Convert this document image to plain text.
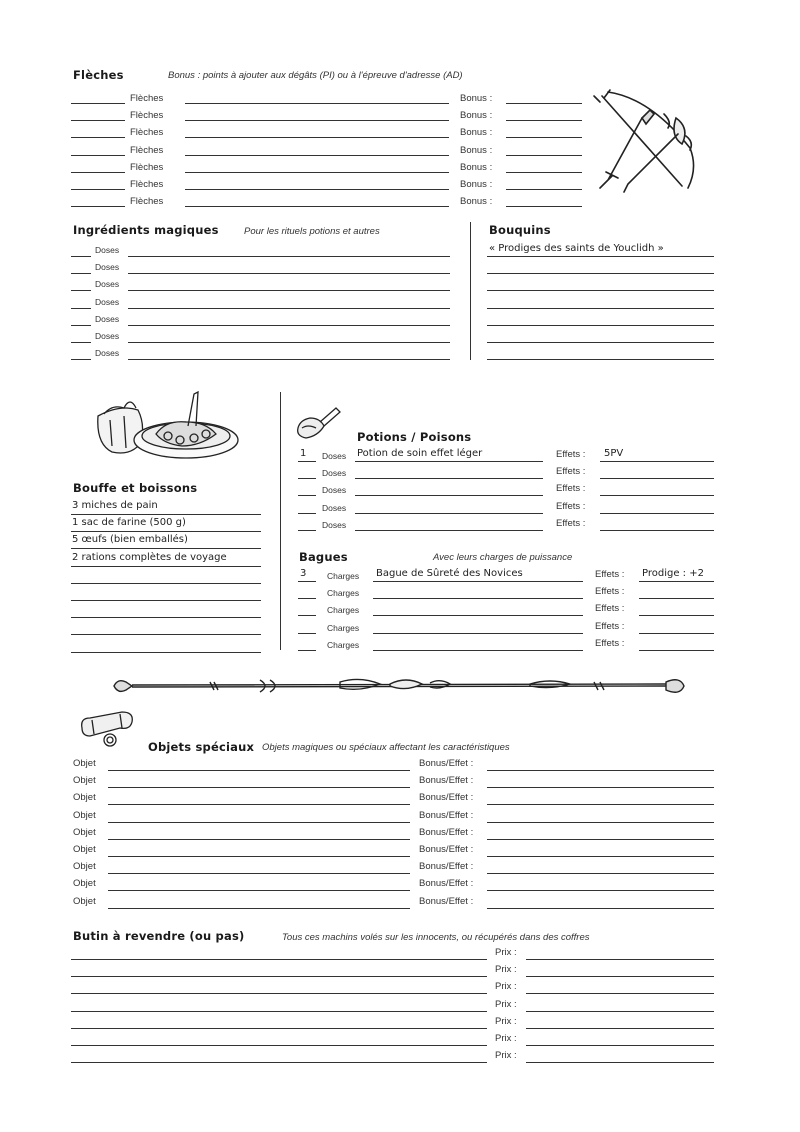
Flèches	Bonus : points à ajouter aux dégâts (PI) ou à l'épreuve d'adresse (AD)
Flèches	Bonus :
Flèches	Bonus :
Flèches	Bonus :
Flèches	Bonus :
Flèches	Bonus :
Flèches	Bonus :
Flèches	Bonus :
Ingrédients magiques	Pour les rituels potions et autres
Doses
Doses
Doses
Doses
Doses
Doses
Doses
Bouquins
« Prodiges des saints de Youclidh »
Bouffe et boissons
3 miches de pain
1 sac de farine (500 g)
5 œufs (bien emballés)
2 rations complètes de voyage
Potions / Poisons
1 Doses Potion de soin effet léger	Effets : 5PV
Doses	Effets :
Doses	Effets :
Doses	Effets :
Doses	Effets :
Bagues	Avec leurs charges de puissance
3 Charges Bague de Sûreté des Novices	Effets : Prodige : +2
Charges	Effets :
Charges	Effets :
Charges	Effets :
Charges	Effets :
Objets spéciaux Objets magiques ou spéciaux affectant les caractéristiques
Objet	Bonus/Effet :
Objet	Bonus/Effet :
Objet	Bonus/Effet :
Objet	Bonus/Effet :
Objet	Bonus/Effet :
Objet	Bonus/Effet :
Objet	Bonus/Effet :
Objet	Bonus/Effet :
Objet	Bonus/Effet :
Butin à revendre (ou pas)	Tous ces machins volés sur les innocents, ou récupérés dans des coffres
Prix :
Prix :
Prix :
Prix :
Prix :
Prix :
Prix :
